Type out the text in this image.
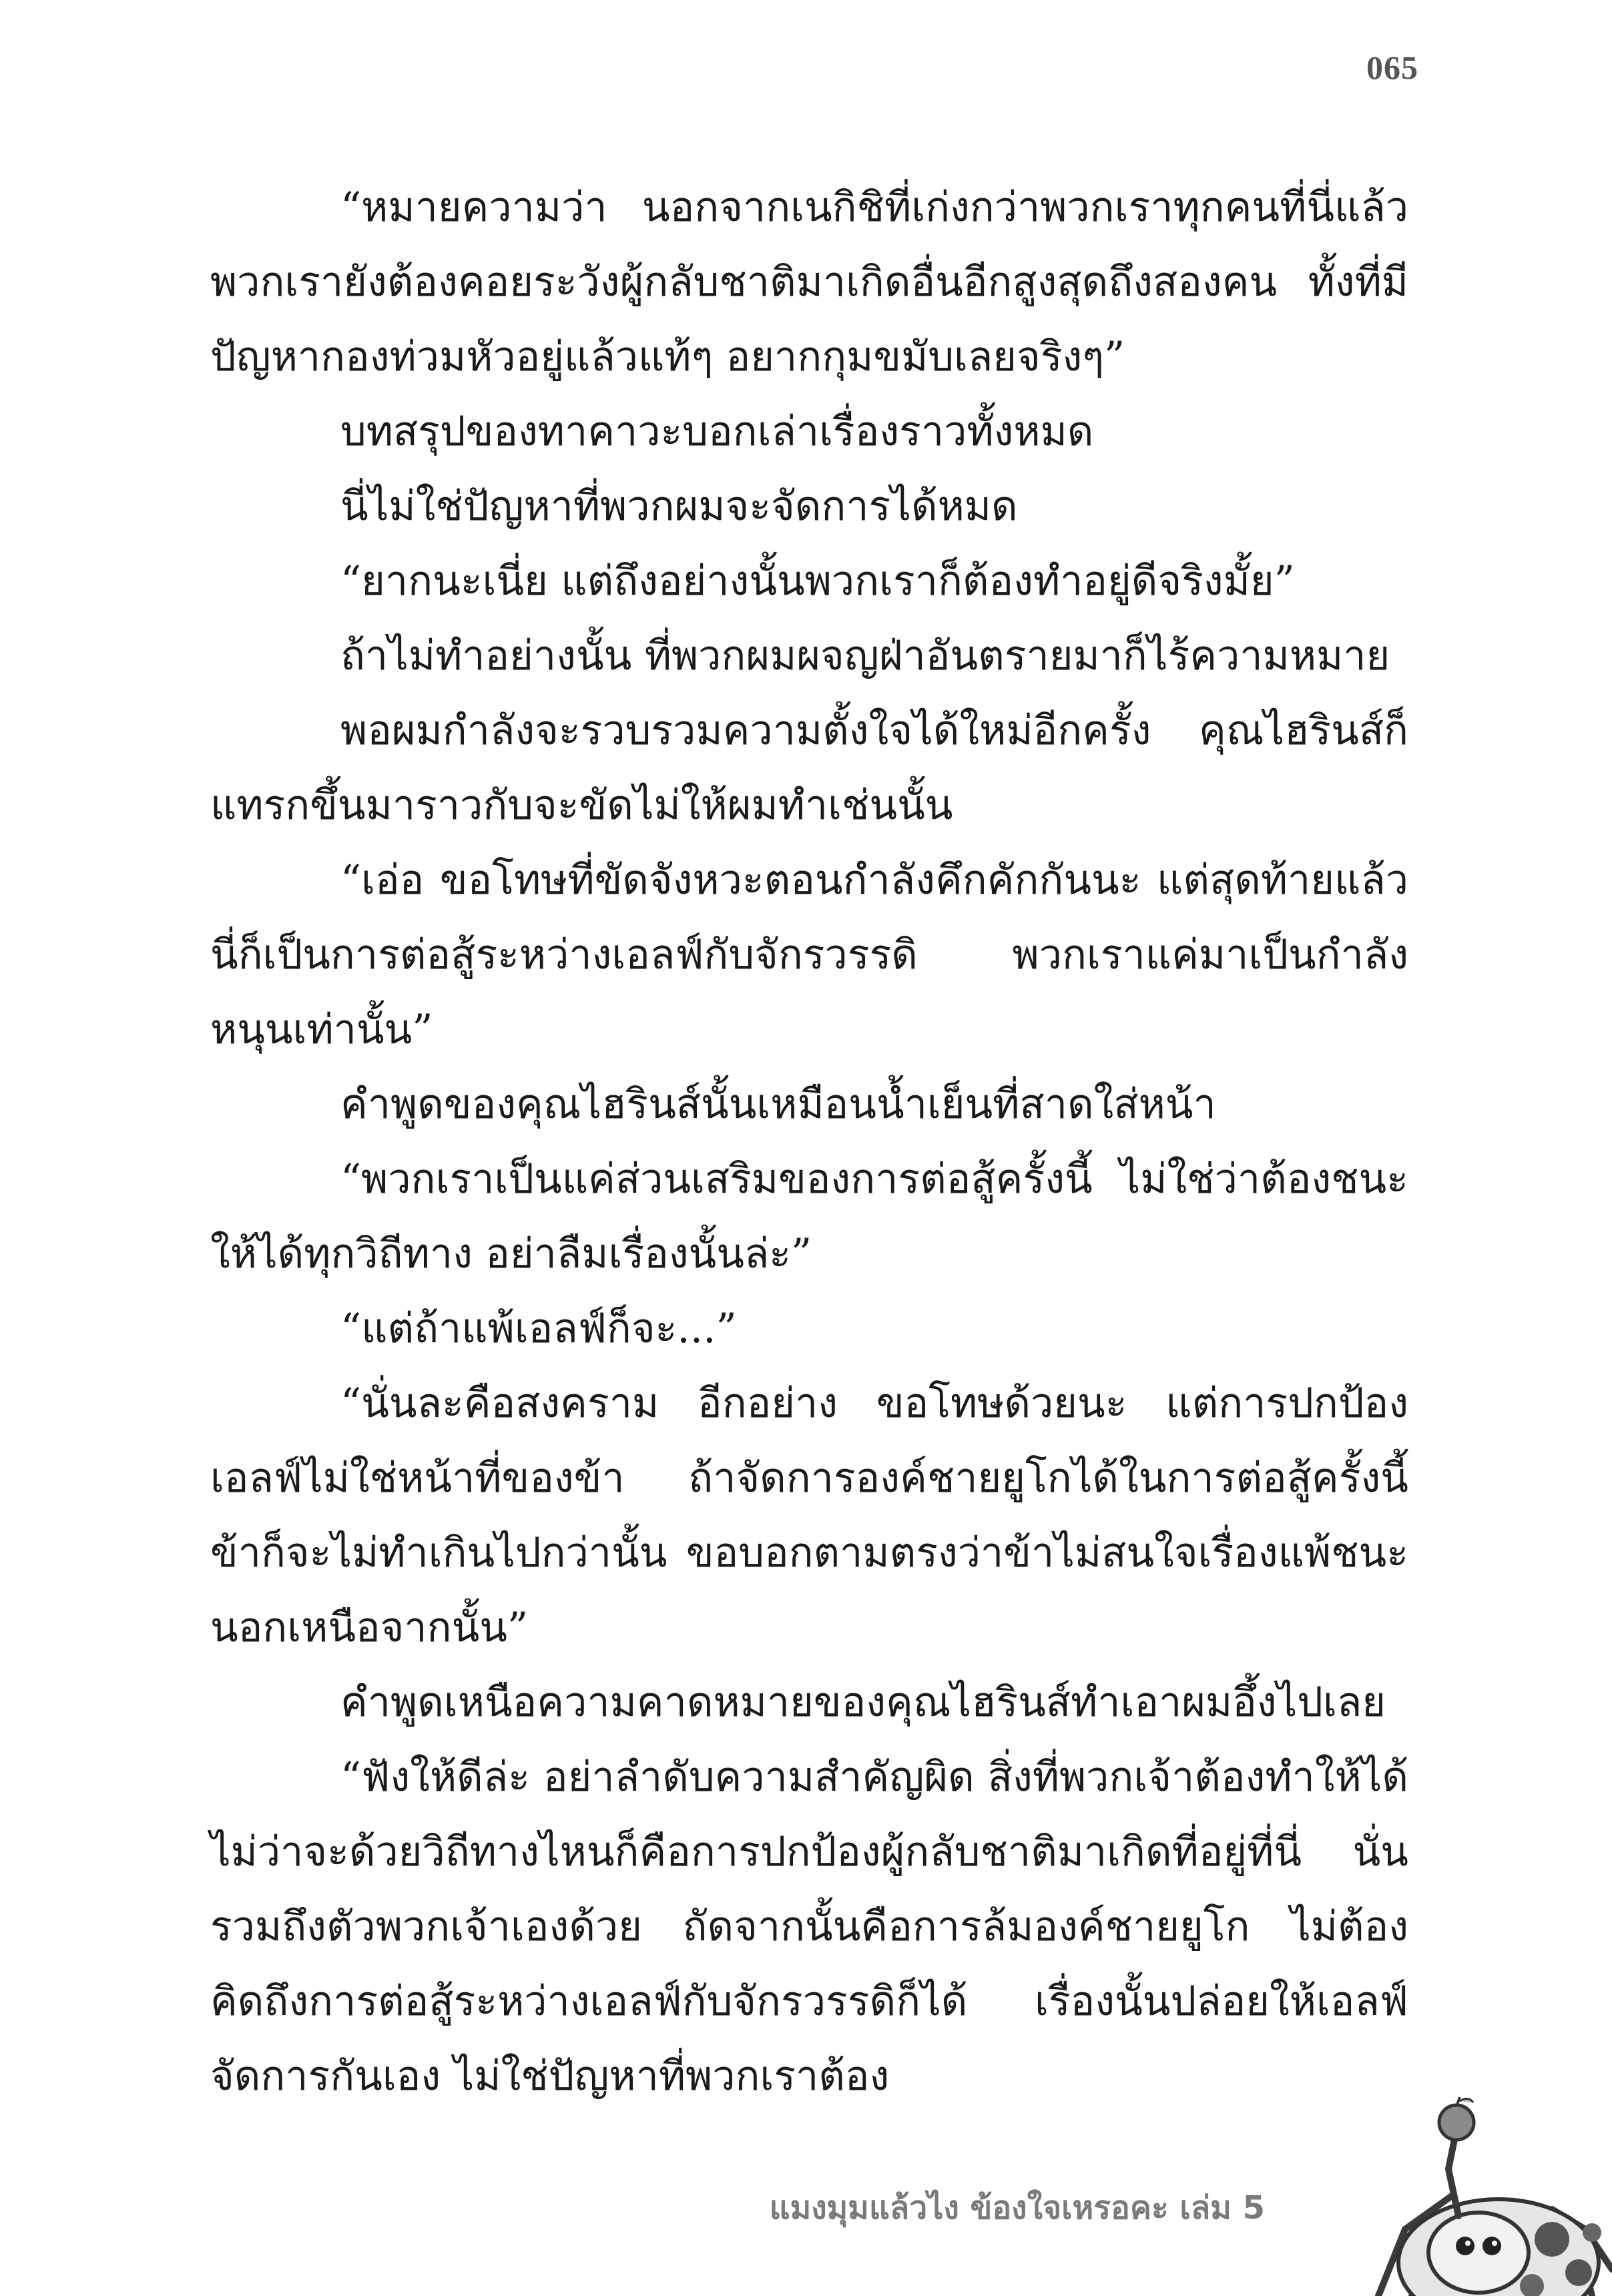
065

“หมายความว่า นอกจากเนกิชิที่เก่งกว่าพวกเราทุกคนที่นี่แล้ว พวกเรายังต้องคอยระวังผู้กลับชาติมาเกิดอื่นอีกสูงสุดถึงสองคน ทั้งที่มีปัญหากองท่วมหัวอยู่แล้วแท้ๆ อยากกุมขมับเลยจริงๆ”

บทสรุปของทาคาวะบอกเล่าเรื่องราวทั้งหมด

นี่ไม่ใช่ปัญหาที่พวกผมจะจัดการได้หมด

“ยากนะเนี่ย แต่ถึงอย่างนั้นพวกเราก็ต้องทำอยู่ดีจริงมั้ย”

ถ้าไม่ทำอย่างนั้น ที่พวกผมผจญฝ่าอันตรายมาก็ไร้ความหมาย

พอผมกำลังจะรวบรวมความตั้งใจได้ใหม่อีกครั้ง คุณไฮรินส์ก็แทรกขึ้นมาราวกับจะขัดไม่ให้ผมทำเช่นนั้น

“เอ่อ ขอโทษที่ขัดจังหวะตอนกำลังคึกคักกันนะ แต่สุดท้ายแล้วนี่ก็เป็นการต่อสู้ระหว่างเอลฟ์กับจักรวรรดิ พวกเราแค่มาเป็นกำลังหนุนเท่านั้น”

คำพูดของคุณไฮรินส์นั้นเหมือนน้ำเย็นที่สาดใส่หน้า

“พวกเราเป็นแค่ส่วนเสริมของการต่อสู้ครั้งนี้ ไม่ใช่ว่าต้องชนะให้ได้ทุกวิถีทาง อย่าลืมเรื่องนั้นล่ะ”

“แต่ถ้าแพ้เอลฟ์ก็จะ...”

“นั่นละคือสงคราม อีกอย่าง ขอโทษด้วยนะ แต่การปกป้องเอลฟ์ไม่ใช่หน้าที่ของข้า ถ้าจัดการองค์ชายยูโกได้ในการต่อสู้ครั้งนี้ ข้าก็จะไม่ทำเกินไปกว่านั้น ขอบอกตามตรงว่าข้าไม่สนใจเรื่องแพ้ชนะนอกเหนือจากนั้น”

คำพูดเหนือความคาดหมายของคุณไฮรินส์ทำเอาผมอึ้งไปเลย

“ฟังให้ดีล่ะ อย่าลำดับความสำคัญผิด สิ่งที่พวกเจ้าต้องทำให้ได้ไม่ว่าจะด้วยวิถีทางไหนก็คือการปกป้องผู้กลับชาติมาเกิดที่อยู่ที่นี่ นั่นรวมถึงตัวพวกเจ้าเองด้วย ถัดจากนั้นคือการล้มองค์ชายยูโก ไม่ต้องคิดถึงการต่อสู้ระหว่างเอลฟ์กับจักรวรรดิก็ได้ เรื่องนั้นปล่อยให้เอลฟ์จัดการกันเอง ไม่ใช่ปัญหาที่พวกเราต้อง

แมงมุมแล้วไง ข้องใจเหรอคะ เล่ม 5
